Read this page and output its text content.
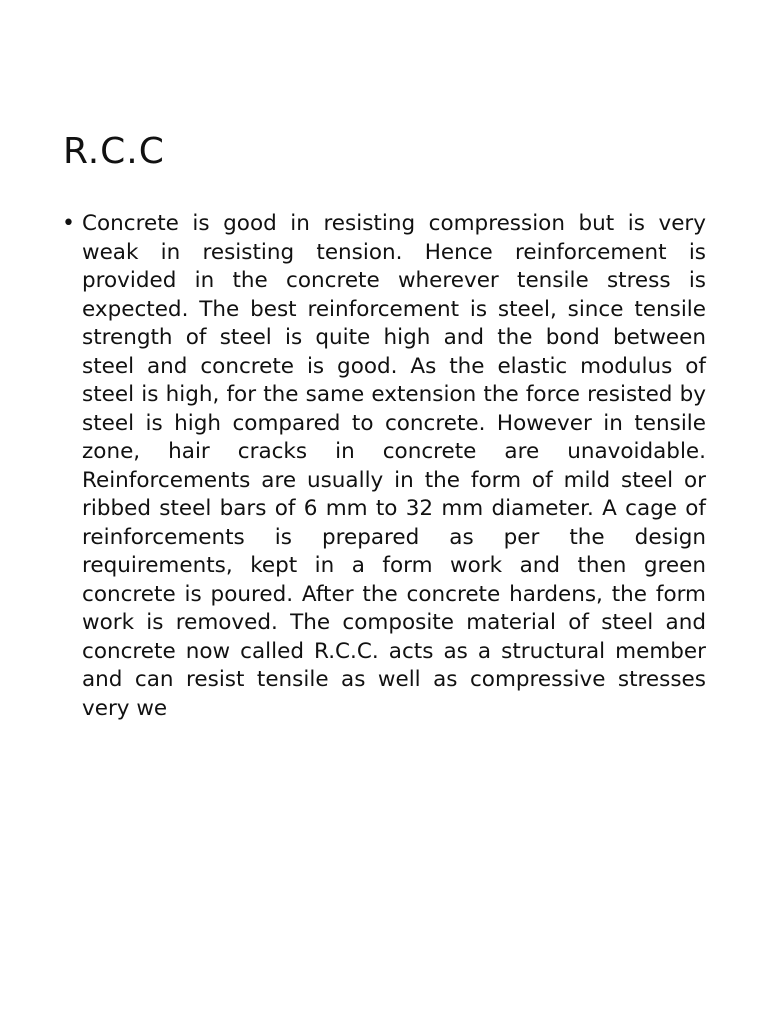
R.C.C
• Concrete is good in resisting compression but is very weak in resisting tension. Hence reinforcement is provided in the concrete wherever tensile stress is expected. The best reinforcement is steel, since tensile strength of steel is quite high and the bond between steel and concrete is good. As the elastic modulus of steel is high, for the same extension the force resisted by steel is high compared to concrete. However in tensile zone, hair cracks in concrete are unavoidable. Reinforcements are usually in the form of mild steel or ribbed steel bars of 6 mm to 32 mm diameter. A cage of reinforcements is prepared as per the design requirements, kept in a form work and then green concrete is poured. After the concrete hardens, the form work is removed. The composite material of steel and concrete now called R.C.C. acts as a structural member and can resist tensile as well as compressive stresses very we
